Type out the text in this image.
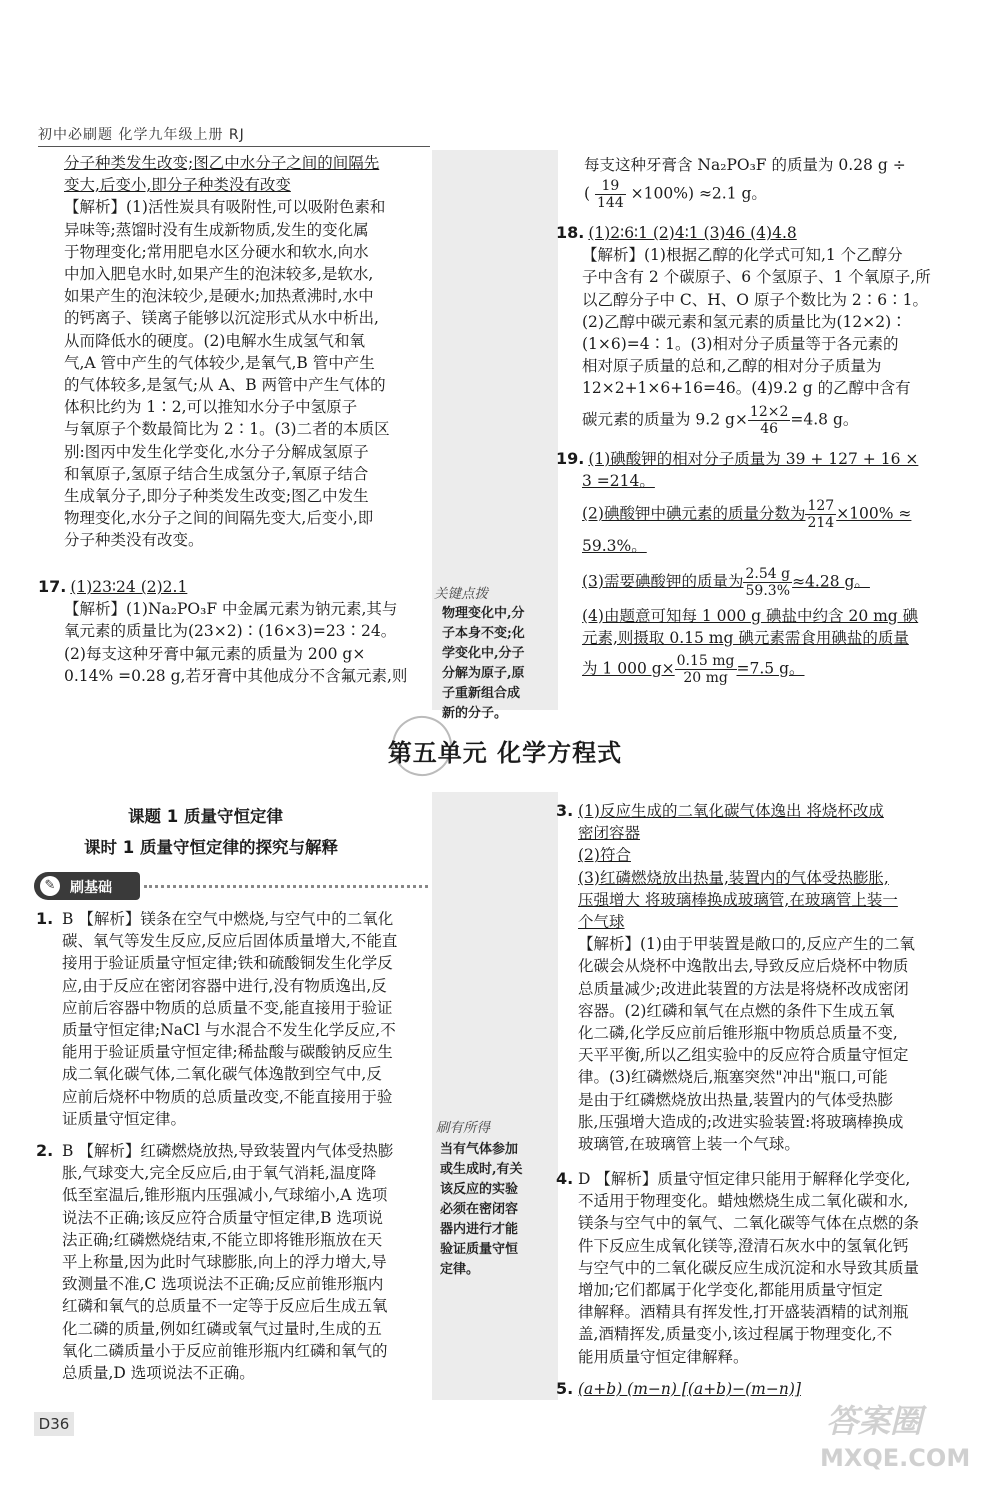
初中必刷题 化学九年级上册 RJ
分子种类发生改变;图乙中水分子之间的间隔先
变大,后变小,即分子种类没有改变
【解析】(1)活性炭具有吸附性,可以吸附色素和
异味等;蒸馏时没有生成新物质,发生的变化属
于物理变化;常用肥皂水区分硬水和软水,向水
中加入肥皂水时,如果产生的泡沫较多,是软水,
如果产生的泡沫较少,是硬水;加热煮沸时,水中
的钙离子、镁离子能够以沉淀形式从水中析出,
从而降低水的硬度。(2)电解水生成氢气和氧
气,A 管中产生的气体较少,是氧气,B 管中产生
的气体较多,是氢气;从 A、B 两管中产生气体的
体积比约为 1∶2,可以推知水分子中氢原子
与氧原子个数最简比为 2∶1。(3)二者的本质区
别:图丙中发生化学变化,水分子分解成氢原子
和氧原子,氢原子结合生成氢分子,氧原子结合
生成氧分子,即分子种类发生改变;图乙中发生
物理变化,水分子之间的间隔先变大,后变小,即
分子种类没有改变。
17. (1)23∶24 (2)2.1
【解析】(1)Na₂PO₃F 中金属元素为钠元素,其与
氧元素的质量比为(23×2)∶(16×3)=23∶24。
(2)每支这种牙膏中氟元素的质量为 200 g×
0.14% =0.28 g,若牙膏中其他成分不含氟元素,则
关键点拨
物理变化中,分
子本身不变;化
学变化中,分子
分解为原子,原
子重新组合成
新的分子。
每支这种牙膏含 Na₂PO₃F 的质量为 0.28 g ÷
( $\frac{19}{144} \times 100\%) \approx 2.1$ g。
18. (1)2∶6∶1 (2)4∶1 (3)46 (4)4.8
【解析】(1)根据乙醇的化学式可知,1 个乙醇分
子中含有 2 个碳原子、6 个氢原子、1 个氧原子,所
以乙醇分子中 C、H、O 原子个数比为 2∶6∶1。
(2)乙醇中碳元素和氢元素的质量比为(12×2)∶
(1×6)=4∶1。(3)相对分子质量等于各元素的
相对原子质量的总和,乙醇的相对分子质量为
12×2+1×6+16=46。(4)9.2 g 的乙醇中含有
碳元素的质量为 9.2 $g\times \frac{12\times 2}{46} =4.8$ g。
19. (1)碘酸钾的相对分子质量为 39 + 127 + 16 ×
3 =214。
(2)碘酸钾中碘元素的质量分数为 $\frac{127}{214} \times 100\%$ ≈
59.3%。
(3)需要碘酸钾的质量为 $\frac{2.54 g}{59.3\%} \approx 4.28$ g。
(4)由题意可知每 1 000 g 碘盐中约含 20 mg 碘
元素,则摄取 0.15 mg 碘元素需食用碘盐的质量
为 1 000 $g\times \frac{0.15 mg}{20 mg} =7.5$ g。
第五单元 化学方程式
课题 1 质量守恒定律
课时 1 质量守恒定律的探究与解释
✎	刷基础
1. B 【解析】镁条在空气中燃烧,与空气中的二氧化
碳、氧气等发生反应,反应后固体质量增大,不能直
接用于验证质量守恒定律;铁和硫酸铜发生化学反
应,由于反应在密闭容器中进行,没有物质逸出,反
应前后容器中物质的总质量不变,能直接用于验证
质量守恒定律;NaCl 与水混合不发生化学反应,不
能用于验证质量守恒定律;稀盐酸与碳酸钠反应生
成二氧化碳气体,二氧化碳气体逸散到空气中,反
应前后烧杯中物质的总质量改变,不能直接用于验
证质量守恒定律。
2. B 【解析】红磷燃烧放热,导致装置内气体受热膨
胀,气球变大,完全反应后,由于氧气消耗,温度降
低至室温后,锥形瓶内压强减小,气球缩小,A 选项
说法不正确;该反应符合质量守恒定律,B 选项说
法正确;红磷燃烧结束,不能立即将锥形瓶放在天
平上称量,因为此时气球膨胀,向上的浮力增大,导
致测量不准,C 选项说法不正确;反应前锥形瓶内
红磷和氧气的总质量不一定等于反应后生成五氧
化二磷的质量,例如红磷或氧气过量时,生成的五
氧化二磷质量小于反应前锥形瓶内红磷和氧气的
总质量,D 选项说法不正确。
刷有所得
当有气体参加
或生成时,有关
该反应的实验
必须在密闭容
器内进行才能
验证质量守恒
定律。
3. (1)反应生成的二氧化碳气体逸出 将烧杯改成
密闭容器
(2)符合
(3)红磷燃烧放出热量,装置内的气体受热膨胀,
压强增大 将玻璃棒换成玻璃管,在玻璃管上装一
个气球
【解析】(1)由于甲装置是敞口的,反应产生的二氧
化碳会从烧杯中逸散出去,导致反应后烧杯中物质
总质量减少;改进此装置的方法是将烧杯改成密闭
容器。(2)红磷和氧气在点燃的条件下生成五氧
化二磷,化学反应前后锥形瓶中物质总质量不变,
天平平衡,所以乙组实验中的反应符合质量守恒定
律。(3)红磷燃烧后,瓶塞突然"冲出"瓶口,可能
是由于红磷燃烧放出热量,装置内的气体受热膨
胀,压强增大造成的;改进实验装置:将玻璃棒换成
玻璃管,在玻璃管上装一个气球。
4. D 【解析】质量守恒定律只能用于解释化学变化,
不适用于物理变化。蜡烛燃烧生成二氧化碳和水,
镁条与空气中的氧气、二氧化碳等气体在点燃的条
件下反应生成氧化镁等,澄清石灰水中的氢氧化钙
与空气中的二氧化碳反应生成沉淀和水导致其质量
增加;它们都属于化学变化,都能用质量守恒定
律解释。酒精具有挥发性,打开盛装酒精的试剂瓶
盖,酒精挥发,质量变小,该过程属于物理变化,不
能用质量守恒定律解释。
5. (a+b) (m−n) [(a+b)−(m−n)]
D36	答案圈
MXQE.COM
